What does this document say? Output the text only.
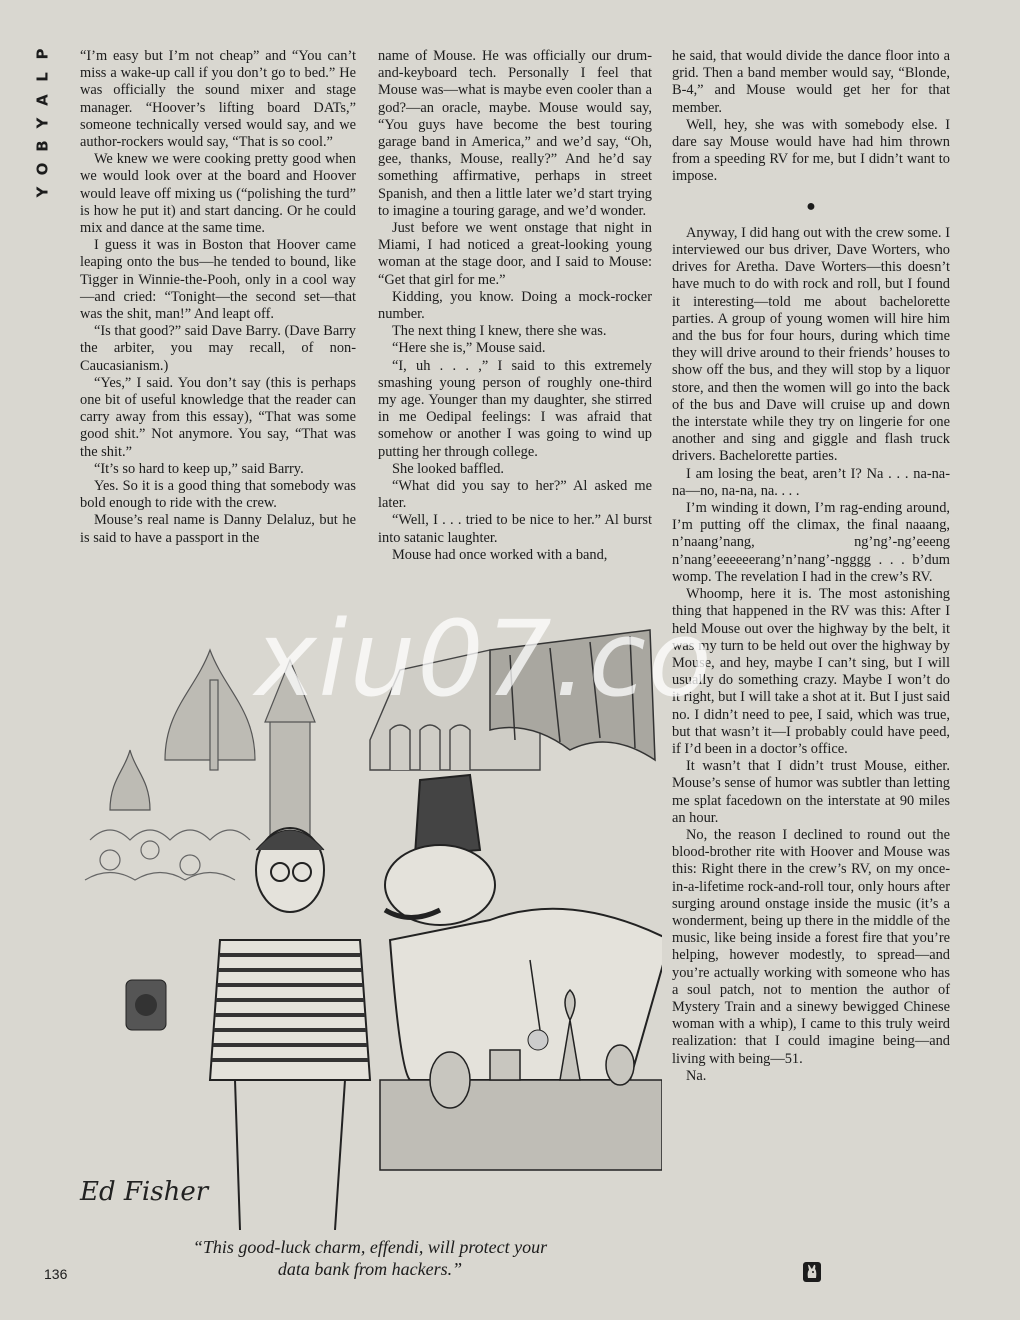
P
L
A
Y
B
O
Y

“I’m easy but I’m not cheap” and “You can’t miss a wake-up call if you don’t go to bed.” He was officially the sound mixer and stage manager. “Hoover’s lifting board DATs,” someone technically versed would say, and we author-rockers would say, “That is so cool.”

We knew we were cooking pretty good when we would look over at the board and Hoover would leave off mixing us (“polishing the turd” is how he put it) and start dancing. Or he could mix and dance at the same time.

I guess it was in Boston that Hoover came leaping onto the bus—he tended to bound, like Tigger in Winnie-the-Pooh, only in a cool way—and cried: “Tonight—the second set—that was the shit, man!” And leapt off.

“Is that good?” said Dave Barry. (Dave Barry the arbiter, you may recall, of non-Caucasianism.)

“Yes,” I said. You don’t say (this is perhaps one bit of useful knowledge that the reader can carry away from this essay), “That was some good shit.” Not anymore. You say, “That was the shit.”

“It’s so hard to keep up,” said Barry.

Yes. So it is a good thing that somebody was bold enough to ride with the crew.

Mouse’s real name is Danny Delaluz, but he is said to have a passport in the

name of Mouse. He was officially our drum-and-keyboard tech. Personally I feel that Mouse was—what is maybe even cooler than a god?—an oracle, maybe. Mouse would say, “You guys have become the best touring garage band in America,” and we’d say, “Oh, gee, thanks, Mouse, really?” And he’d say something affirmative, perhaps in street Spanish, and then a little later we’d start trying to imagine a touring garage, and we’d wonder.

Just before we went onstage that night in Miami, I had noticed a great-looking young woman at the stage door, and I said to Mouse: “Get that girl for me.”

Kidding, you know. Doing a mock-rocker number.

The next thing I knew, there she was.

“Here she is,” Mouse said.

“I, uh . . . ,” I said to this extremely smashing young person of roughly one-third my age. Younger than my daughter, she stirred in me Oedipal feelings: I was afraid that somehow or another I was going to wind up putting her through college.

She looked baffled.

“What did you say to her?” Al asked me later.

“Well, I . . . tried to be nice to her.” Al burst into satanic laughter.

Mouse had once worked with a band,

he said, that would divide the dance floor into a grid. Then a band member would say, “Blonde, B-4,” and Mouse would get her for that member.

Well, hey, she was with somebody else. I dare say Mouse would have had him thrown from a speeding RV for me, but I didn’t want to impose.

●

Anyway, I did hang out with the crew some. I interviewed our bus driver, Dave Worters, who drives for Aretha. Dave Worters—this doesn’t have much to do with rock and roll, but I found it interesting—told me about bachelorette parties. A group of young women will hire him and the bus for four hours, during which time they will drive around to their friends’ houses to show off the bus, and they will stop by a liquor store, and then the women will go into the back of the bus and Dave will cruise up and down the interstate while they try on lingerie for one another and sing and giggle and flash truck drivers. Bachelorette parties.

I am losing the beat, aren’t I? Na . . . na-na-na—no, na-na, na. . . .

I’m winding it down, I’m rag-ending around, I’m putting off the climax, the final naaang, n’naang’nang, ng’ng’-ng’eeeng n’nang’eeeeeerang’n’nang’-ngggg . . . b’dum womp. The revelation I had in the crew’s RV.

Whoomp, here it is. The most astonishing thing that happened in the RV was this: After I held Mouse out over the highway by the belt, it was my turn to be held out over the highway by Mouse, and hey, maybe I can’t sing, but I will usually do something crazy. Maybe I won’t do it right, but I will take a shot at it. But I just said no. I didn’t need to pee, I said, which was true, but that wasn’t it—I probably could have peed, if I’d been in a doctor’s office.

It wasn’t that I didn’t trust Mouse, either. Mouse’s sense of humor was subtler than letting me splat facedown on the interstate at 90 miles an hour.

No, the reason I declined to round out the blood-brother rite with Hoover and Mouse was this: Right there in the crew’s RV, on my once-in-a-lifetime rock-and-roll tour, only hours after surging around onstage inside the music (it’s a wonderment, being up there in the middle of the music, like being inside a forest fire that you’re helping, however modestly, to spread—and you’re actually working with someone who has a soul patch, not to mention the author of Mystery Train and a sinewy bewigged Chinese woman with a whip), I came to this truly weird realization: that I could imagine being—and living with being—51.

Na.

Ed Fisher
xiu07.co
“This good-luck charm, effendi, will protect your
data bank from hackers.”
136
